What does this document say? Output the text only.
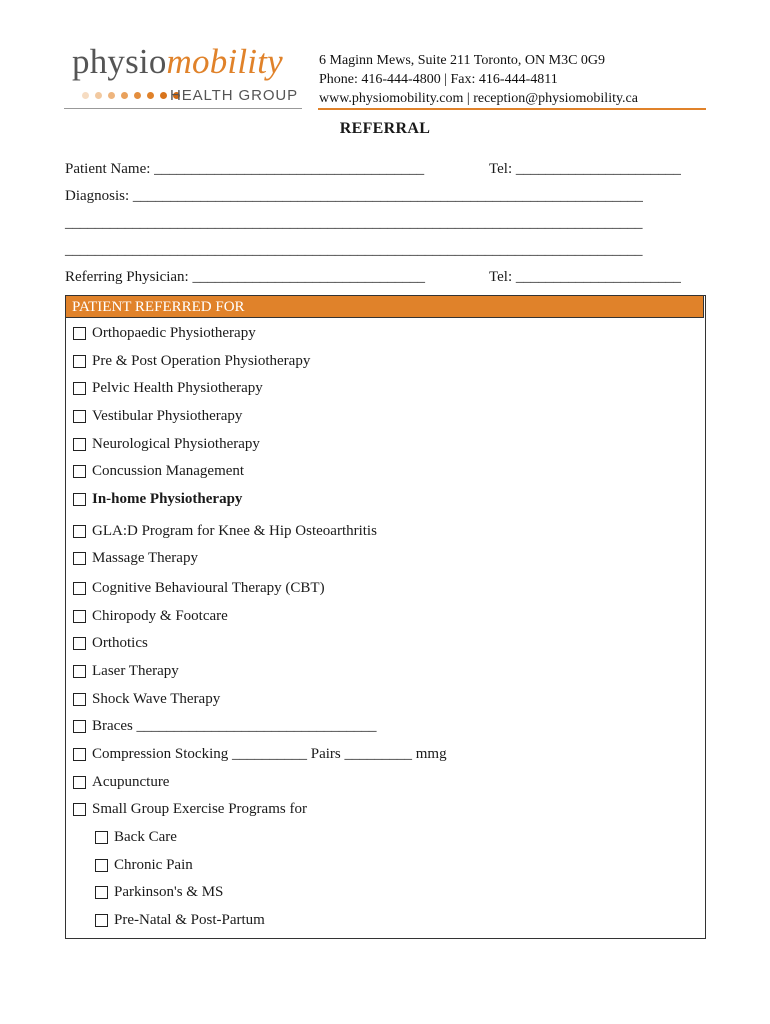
physiomobility
HEALTH GROUP
6 Maginn Mews, Suite 211 Toronto, ON M3C 0G9
Phone: 416-444-4800 | Fax: 416-444-4811
www.physiomobility.com | reception@physiomobility.ca
REFERRAL
Patient Name: ____________________________________	Tel: ______________________
Diagnosis: ____________________________________________________________________
_____________________________________________________________________________
_____________________________________________________________________________
Referring Physician: _______________________________	Tel: ______________________
PATIENT REFERRED FOR
Orthopaedic Physiotherapy
Pre & Post Operation Physiotherapy
Pelvic Health Physiotherapy
Vestibular Physiotherapy
Neurological Physiotherapy
Concussion Management
In-home Physiotherapy
GLA:D Program for Knee & Hip Osteoarthritis
Massage Therapy
Cognitive Behavioural Therapy (CBT)
Chiropody & Footcare
Orthotics
Laser Therapy
Shock Wave Therapy
Braces ________________________________
Compression Stocking __________ Pairs _________ mmg
Acupuncture
Small Group Exercise Programs for
Back Care
Chronic Pain
Parkinson's & MS
Pre-Natal & Post-Partum
